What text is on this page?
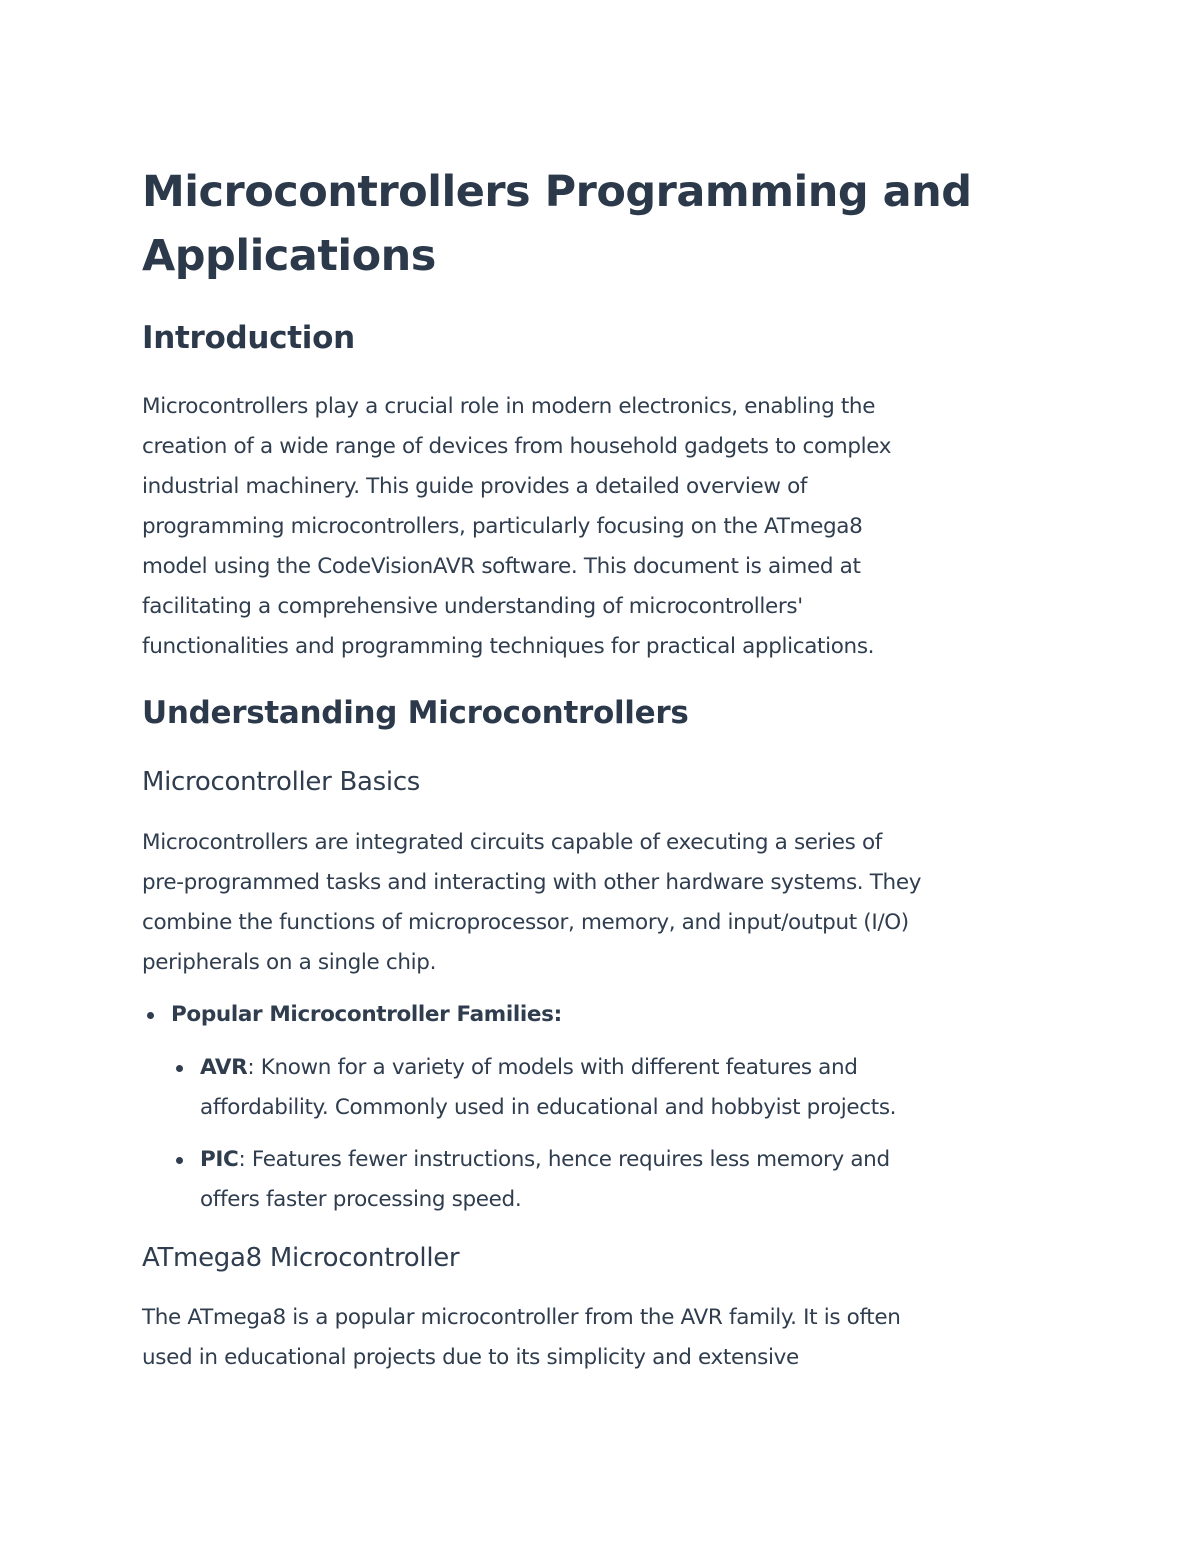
Microcontrollers Programming and
Applications
Introduction

Microcontrollers play a crucial role in modern electronics, enabling the
creation of a wide range of devices from household gadgets to complex
industrial machinery. This guide provides a detailed overview of
programming microcontrollers, particularly focusing on the ATmega8
model using the CodeVisionAVR software. This document is aimed at
facilitating a comprehensive understanding of microcontrollers'
functionalities and programming techniques for practical applications.

Understanding Microcontrollers
Microcontroller Basics

Microcontrollers are integrated circuits capable of executing a series of
pre-programmed tasks and interacting with other hardware systems. They
combine the functions of microprocessor, memory, and input/output (I/O)
peripherals on a single chip.

Popular Microcontroller Families:
AVR: Known for a variety of models with different features and
affordability. Commonly used in educational and hobbyist projects.
PIC: Features fewer instructions, hence requires less memory and
offers faster processing speed.
ATmega8 Microcontroller

The ATmega8 is a popular microcontroller from the AVR family. It is often
used in educational projects due to its simplicity and extensive
